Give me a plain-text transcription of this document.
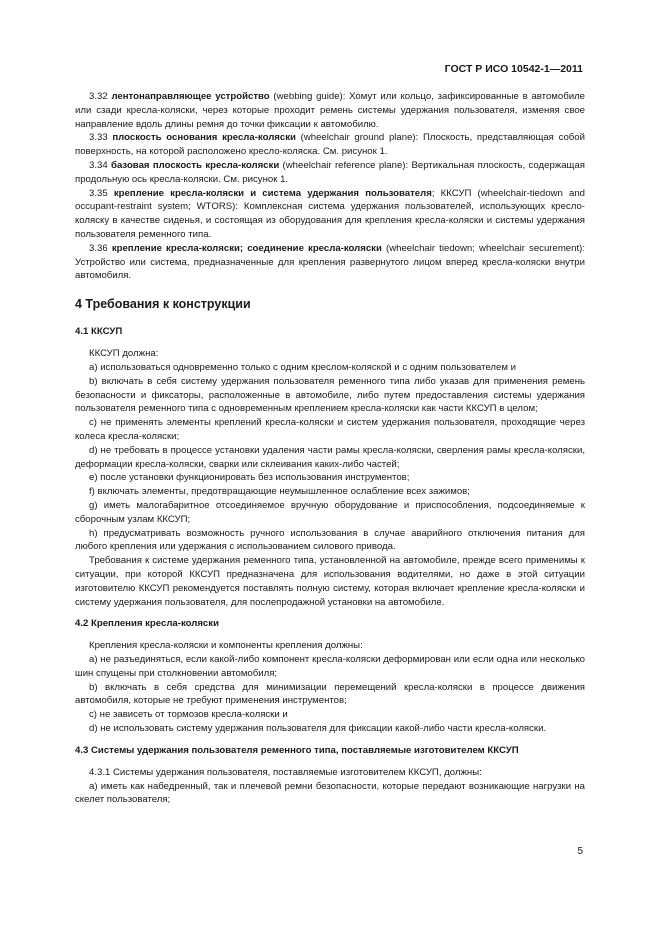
ГОСТ Р ИСО 10542-1—2011

3.32 лентонаправляющее устройство (webbing guide): Хомут или кольцо, зафиксированные в автомобиле или сзади кресла-коляски, через которые проходит ремень системы удержания пользователя, изменяя свое направление вдоль длины ремня до точки фиксации к автомобилю.

3.33 плоскость основания кресла-коляски (wheelchair ground plane): Плоскость, представляющая собой поверхность, на которой расположено кресло-коляска. См. рисунок 1.

3.34 базовая плоскость кресла-коляски (wheelchair reference plane): Вертикальная плоскость, содержащая продольную ось кресла-коляски. См. рисунок 1.

3.35 крепление кресла-коляски и система удержания пользователя; ККСУП (wheelchair-tiedown and occupant-restraint system; WTORS): Комплексная система удержания пользователей, использующих кресло-коляску в качестве сиденья, и состоящая из оборудования для крепления кресла-коляски и системы удержания пользователя ременного типа.

3.36 крепление кресла-коляски; соединение кресла-коляски (wheelchair tiedown; wheelchair securement): Устройство или система, предназначенные для крепления развернутого лицом вперед кресла-коляски внутри автомобиля.

4 Требования к конструкции
4.1 ККСУП

ККСУП должна:

a) использоваться одновременно только с одним креслом-коляской и с одним пользователем и

b) включать в себя систему удержания пользователя ременного типа либо указав для применения ремень безопасности и фиксаторы, расположенные в автомобиле, либо путем предоставления системы удержания пользователя ременного типа с одновременным креплением кресла-коляски как части ККСУП в целом;

c) не применять элементы креплений кресла-коляски и систем удержания пользователя, проходящие через колеса кресла-коляски;

d) не требовать в процессе установки удаления части рамы кресла-коляски, сверления рамы кресла-коляски, деформации кресла-коляски, сварки или склеивания каких-либо частей;

e) после установки функционировать без использования инструментов;

f) включать элементы, предотвращающие неумышленное ослабление всех зажимов;

g) иметь малогабаритное отсоединяемое вручную оборудование и приспособления, подсоединяемые к сборочным узлам ККСУП;

h) предусматривать возможность ручного использования в случае аварийного отключения питания для любого крепления или удержания с использованием силового привода.

Требования к системе удержания ременного типа, установленной на автомобиле, прежде всего применимы к ситуации, при которой ККСУП предназначена для использования водителями, но даже в этой ситуации изготовителю ККСУП рекомендуется поставлять полную систему, которая включает крепление кресла-коляски и систему удержания пользователя, для послепродажной установки на автомобиле.

4.2 Крепления кресла-коляски

Крепления кресла-коляски и компоненты крепления должны:

a) не разъединяться, если какой-либо компонент кресла-коляски деформирован или если одна или несколько шин спущены при столкновении автомобиля;

b) включать в себя средства для минимизации перемещений кресла-коляски в процессе движения автомобиля, которые не требуют применения инструментов;

c) не зависеть от тормозов кресла-коляски и

d) не использовать систему удержания пользователя для фиксации какой-либо части кресла-коляски.

4.3 Системы удержания пользователя ременного типа, поставляемые изготовителем ККСУП

4.3.1 Системы удержания пользователя, поставляемые изготовителем ККСУП, должны:

a) иметь как набедренный, так и плечевой ремни безопасности, которые передают возникающие нагрузки на скелет пользователя;

5
